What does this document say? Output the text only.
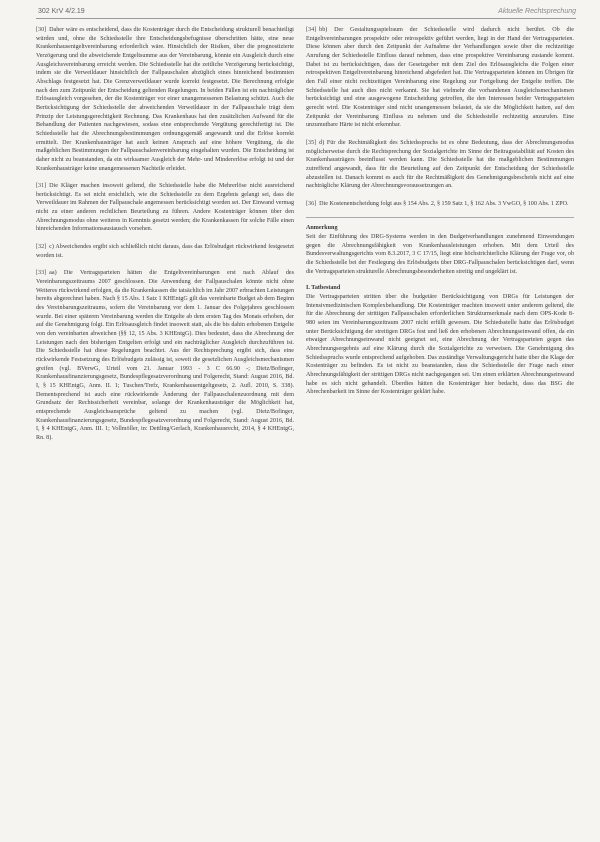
302 KrV 4/2.19	Aktuelle Rechtsprechung

[30] Daher wäre es entscheidend, dass die Kostenträger durch die Entscheidung strukturell benachteiligt würden und, ohne die Schiedsstelle ihre Entscheidungsbefugnisse überschritten hätte, eine neue Krankenhausentgeltvereinbarung erforderlich wäre. Hinsichtlich der Risiken, über die prognostizierte Verzögerung und die abweichende Entgeltsumme aus der Vereinbarung, könnte ein Ausgleich durch eine Ausgleichsvereinbarung erreicht werden. Die Schiedsstelle hat die zeitliche Verzögerung berücksichtigt, indem sie die Verweildauer hinsichtlich der Fallpauschalen abzüglich eines hinreichend bestimmten Abschlags festgesetzt hat. Die Grenzverweildauer wurde korrekt festgesetzt. Die Berechnung erfolgte nach den zum Zeitpunkt der Entscheidung geltenden Regelungen. In beiden Fällen ist ein nachträglicher Erlösausgleich vorgesehen, der die Kostenträger vor einer unangemessenen Belastung schützt. Auch die Berücksichtigung der Schiedsstelle der abweichenden Verweildauer in der Fallpauschale trägt dem Prinzip der Leistungsgerechtigkeit Rechnung. Das Krankenhaus hat den zusätzlichen Aufwand für die Behandlung der Patienten nachgewiesen, sodass eine entsprechende Vergütung gerechtfertigt ist. Die Schiedsstelle hat die Abrechnungsbestimmungen ordnungsgemäß angewandt und die Erlöse korrekt ermittelt. Der Krankenhausträger hat auch keinen Anspruch auf eine höhere Vergütung, da die maßgeblichen Bestimmungen der Fallpauschalenvereinbarung eingehalten wurden. Die Entscheidung ist daher nicht zu beanstanden, da ein wirksamer Ausgleich der Mehr- und Mindererlöse erfolgt ist und der Krankenhausträger keine unangemessenen Nachteile erleidet.

[31] Die Kläger machen insoweit geltend, die Schiedsstelle habe die Mehrerlöse nicht ausreichend berücksichtigt. Es sei nicht ersichtlich, wie die Schiedsstelle zu dem Ergebnis gelangt sei, dass die Verweildauer im Rahmen der Fallpauschale angemessen berücksichtigt worden sei. Der Einwand vermag nicht zu einer anderen rechtlichen Beurteilung zu führen. Andere Kostenträger können über den Abrechnungsmodus ohne weiteres in Kenntnis gesetzt werden; die Krankenkassen für solche Fälle einen hinreichenden Informationsaustausch vorsehen.

[32] c) Abweichendes ergibt sich schließlich nicht daraus, dass das Erlösbudget rückwirkend festgesetzt worden ist.

[33] aa) Die Vertragsparteien hätten die Entgeltvereinbarungen erst nach Ablauf des Vereinbarungszeitraums 2007 geschlossen. Die Anwendung der Fallpauschalen könnte nicht ohne Weiteres rückwirkend erfolgen, da die Krankenkassen die tatsächlich im Jahr 2007 erbrachten Leistungen bereits abgerechnet haben. Nach § 15 Abs. 1 Satz 1 KHEntgG gilt das vereinbarte Budget ab dem Beginn des Vereinbarungszeitraums, sofern die Vereinbarung vor dem 1. Januar des Folgejahres geschlossen wurde. Bei einer späteren Vereinbarung werden die Entgelte ab dem ersten Tag des Monats erhoben, der auf die Genehmigung folgt. Ein Erlösausgleich findet insoweit statt, als die bis dahin erhobenen Entgelte von den vereinbarten abweichen (§§ 12, 15 Abs. 3 KHEntgG). Dies bedeutet, dass die Abrechnung der Leistungen nach den bisherigen Entgelten erfolgt und ein nachträglicher Ausgleich durchzuführen ist. Die Schiedsstelle hat diese Regelungen beachtet. Aus der Rechtsprechung ergibt sich, dass eine rückwirkende Festsetzung des Erlösbudgets zulässig ist, soweit die gesetzlichen Ausgleichsmechanismen greifen (vgl. BVerwG, Urteil vom 21. Januar 1993 - 3 C 66.90 -; Dietz/Bofinger, Krankenhausfinanzierungsgesetz, Bundespflegesatzverordnung und Folgerecht, Stand: August 2016, Bd. I, § 15 KHEntgG, Anm. II. 1; Tuschen/Trefz, Krankenhausentgeltgesetz, 2. Aufl. 2010, S. 338). Dementsprechend ist auch eine rückwirkende Änderung der Fallpauschalenzuordnung mit dem Grundsatz der Rechtssicherheit vereinbar, solange der Krankenhausträger die Möglichkeit hat, entsprechende Ausgleichsansprüche geltend zu machen (vgl. Dietz/Bofinger, Krankenhausfinanzierungsgesetz, Bundespflegesatzverordnung und Folgerecht, Stand: August 2016, Bd. I, § 4 KHEntgG, Anm. III. 1; Vollmöller, in: Dettling/Gerlach, Krankenhausrecht, 2014, § 4 KHEntgG, Rn. 8).

[34] bb) Der Gestaltungsspielraum der Schiedsstelle wird dadurch nicht berührt. Ob die Entgeltvereinbarungen prospektiv oder retrospektiv geführt werden, liegt in der Hand der Vertragsparteien. Diese können aber durch den Zeitpunkt der Aufnahme der Verhandlungen sowie über die rechtzeitige Anrufung der Schiedsstelle Einfluss darauf nehmen, dass eine prospektive Vereinbarung zustande kommt. Dabei ist zu berücksichtigen, dass der Gesetzgeber mit dem Ziel des Erlösausgleichs die Folgen einer retrospektiven Entgeltvereinbarung hinreichend abgefedert hat. Die Vertragsparteien können im Übrigen für den Fall einer nicht rechtzeitigen Vereinbarung eine Regelung zur Fortgeltung der Entgelte treffen. Die Schiedsstelle hat auch dies nicht verkannt. Sie hat vielmehr die vorhandenen Ausgleichsmechanismen berücksichtigt und eine ausgewogene Entscheidung getroffen, die den Interessen beider Vertragsparteien gerecht wird. Die Kostenträger sind nicht unangemessen belastet, da sie die Möglichkeit hatten, auf den Zeitpunkt der Vereinbarung Einfluss zu nehmen und die Schiedsstelle rechtzeitig anzurufen. Eine unzumutbare Härte ist nicht erkennbar.

[35] d) Für die Rechtmäßigkeit des Schiedsspruchs ist es ohne Bedeutung, dass der Abrechnungsmodus möglicherweise durch die Rechtsprechung der Sozialgerichte im Sinne der Beitragsstabilität auf Kosten des Krankenhausträgers beeinflusst werden kann. Die Schiedsstelle hat die maßgeblichen Bestimmungen zutreffend angewandt, dass für die Beurteilung auf den Zeitpunkt der Entscheidung der Schiedsstelle abzustellen ist. Danach kommt es auch für die Rechtmäßigkeit des Genehmigungsbescheids nicht auf eine nachträgliche Klärung der Abrechnungsvoraussetzungen an.

[36] Die Kostenentscheidung folgt aus § 154 Abs. 2, § 159 Satz 1, § 162 Abs. 3 VwGO, § 100 Abs. 1 ZPO.

Anmerkung

Seit der Einführung des DRG-Systems werden in den Budgetverhandlungen zunehmend Einwendungen gegen die Abrechnungsfähigkeit von Krankenhausleistungen erhoben. Mit dem Urteil des Bundesverwaltungsgerichts vom 8.3.2017, 3 C 17/15, liegt eine höchstrichterliche Klärung der Frage vor, ob die Schiedsstelle bei der Festlegung des Erlösbudgets über DRG-Fallpauschalen berücksichtigen darf, wenn die Vertragsparteien strukturelle Abrechnungsbesonderheiten streitig und ungeklärt ist.

I. Tatbestand

Die Vertragsparteien stritten über die budgetäre Berücksichtigung von DRGs für Leistungen der Intensivmedizinischen Komplexbehandlung. Die Kostenträger machten insoweit unter anderem geltend, die für die Abrechnung der strittigen Fallpauschalen erforderlichen Strukturmerkmale nach dem OPS-Kode 8-980 seien im Vereinbarungszeitraum 2007 nicht erfüllt gewesen. Die Schiedsstelle hatte das Erlösbudget unter Berücksichtigung der streitigen DRGs fest und ließ den erhobenen Abrechnungseinwand offen, da ein etwaiger Abrechnungseinwand nicht geeignet sei, eine Abrechnung der Vertragsparteien gegen das Abrechnungsergebnis auf eine Klärung durch die Sozialgerichte zu verweisen. Die Genehmigung des Schiedsspruchs wurde entsprechend aufgehoben. Das zuständige Verwaltungsgericht hatte über die Klage der Kostenträger zu befinden. Es ist nicht zu beanstanden, dass die Schiedsstelle der Frage nach einer Abrechnungsfähigkeit der strittigen DRGs nicht nachgegangen sei. Um einen erklärten Abrechnungseinwand habe es sich nicht gehandelt. Überdies hätten die Kostenträger hier bedacht, dass das BSG die Abrechenbarkeit im Sinne der Kostenträger geklärt habe.
